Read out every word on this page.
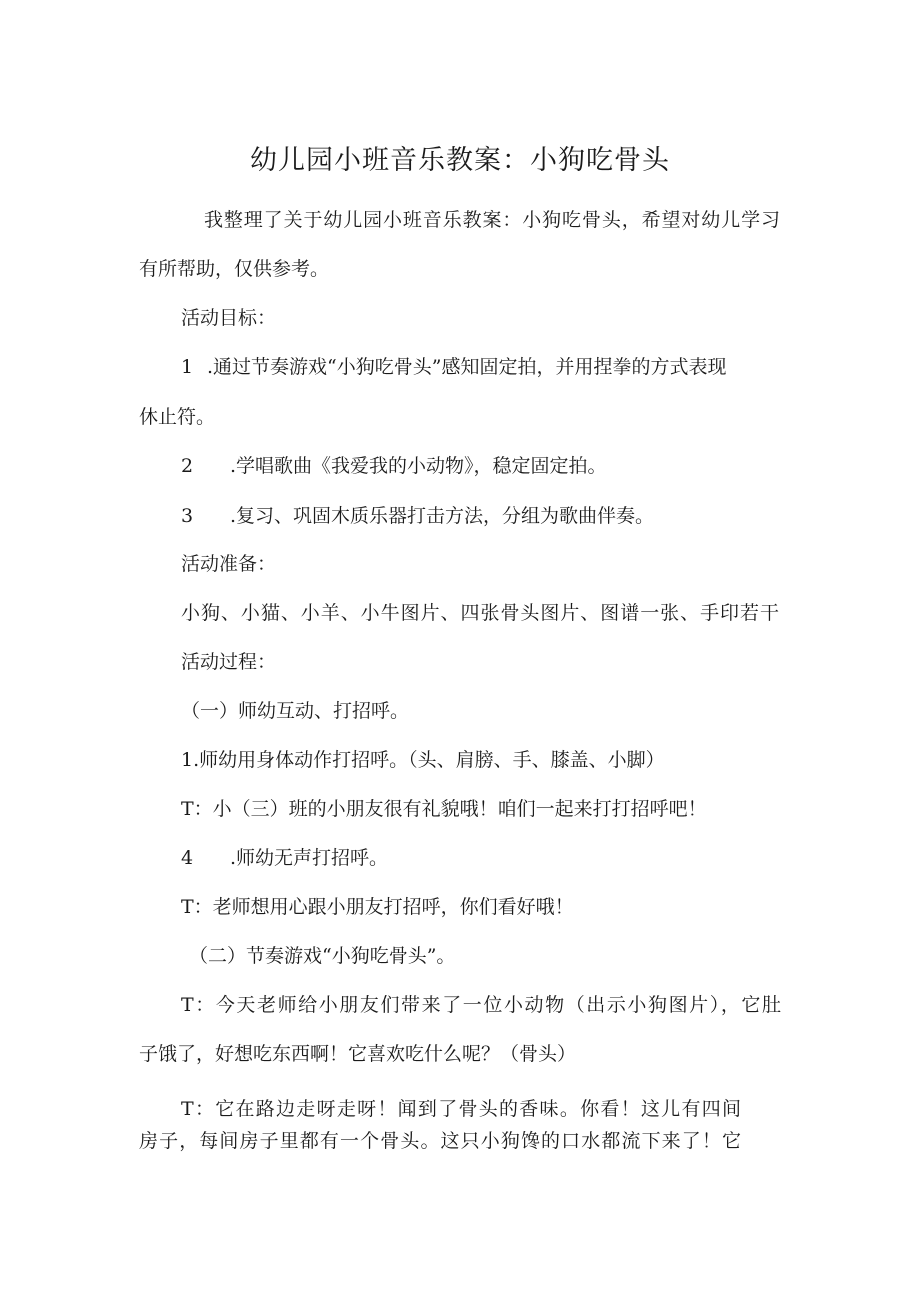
幼儿园小班音乐教案：小狗吃骨头
我整理了关于幼儿园小班音乐教案：小狗吃骨头，希望对幼儿学习
有所帮助，仅供参考。
活动目标：
1 .通过节奏游戏“小狗吃骨头”感知固定拍，并用捏拳的方式表现
休止符。
2 .学唱歌曲《我爱我的小动物》，稳定固定拍。
3 .复习、巩固木质乐器打击方法，分组为歌曲伴奏。
活动准备：
小狗、小猫、小羊、小牛图片、四张骨头图片、图谱一张、手印若干
活动过程：
（一）师幼互动、打招呼。
1.师幼用身体动作打招呼。（头、肩膀、手、膝盖、小脚）
T：小（三）班的小朋友很有礼貌哦！咱们一起来打打招呼吧！
4 .师幼无声打招呼。
T：老师想用心跟小朋友打招呼，你们看好哦！
（二）节奏游戏“小狗吃骨头”。
T：今天老师给小朋友们带来了一位小动物（出示小狗图片），它肚
子饿了，好想吃东西啊！它喜欢吃什么呢？（骨头）
T：它在路边走呀走呀！闻到了骨头的香味。你看！这儿有四间
房子，每间房子里都有一个骨头。这只小狗馋的口水都流下来了！它
